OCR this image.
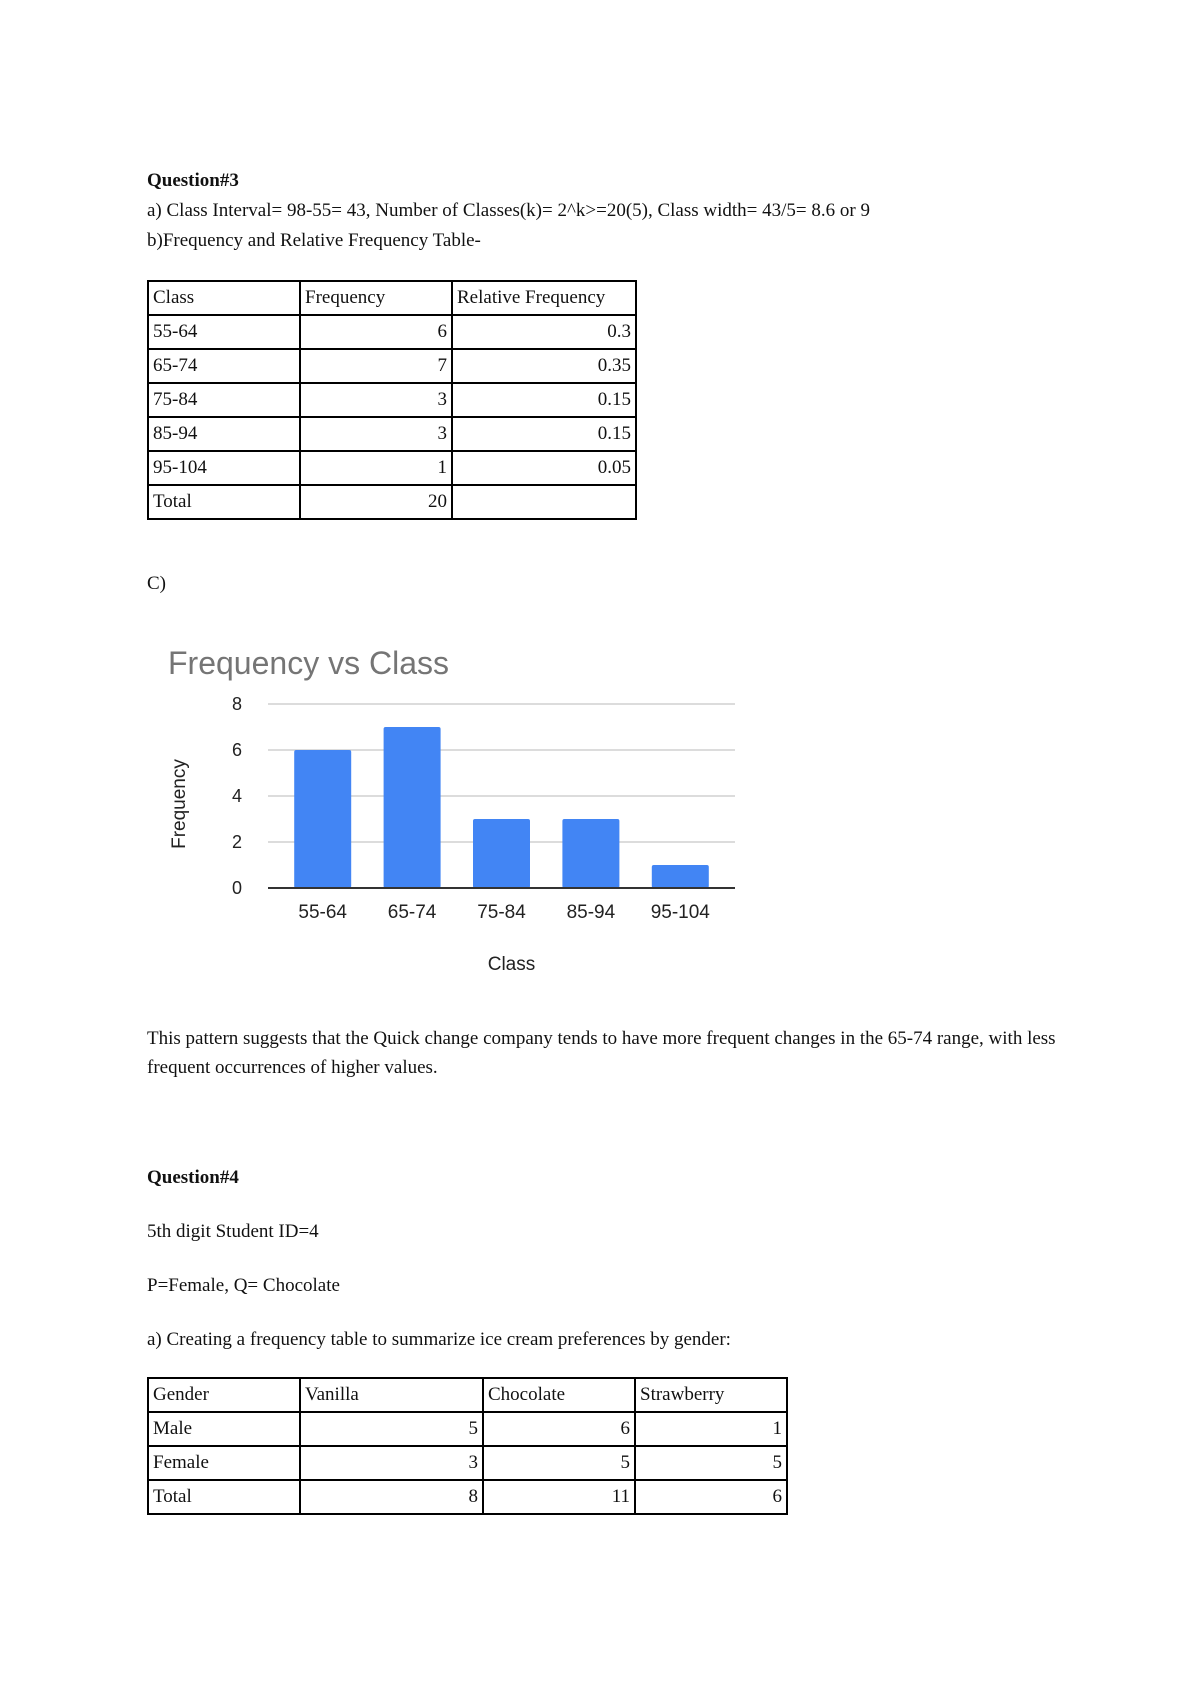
Question#3
a) Class Interval= 98-55= 43, Number of Classes(k)= 2^k>=20(5), Class width= 43/5= 8.6 or 9
b)Frequency and Relative Frequency Table-
Class	Frequency	Relative Frequency
55-64	6	0.3
65-74	7	0.35
75-84	3	0.15
85-94	3	0.15
95-104	1	0.05
Total	20	
C)
Frequency vs Class
0
2
4
6
8
55-64 65-74 75-84 85-94 95-104
Class
Frequency
This pattern suggests that the Quick change company tends to have more frequent changes in the 65-74 range, with less frequent occurrences of higher values.
Question#4
5th digit Student ID=4
P=Female, Q= Chocolate
a) Creating a frequency table to summarize ice cream preferences by gender:
Gender	Vanilla	Chocolate	Strawberry
Male	5	6	1
Female	3	5	5
Total	8	11	6
